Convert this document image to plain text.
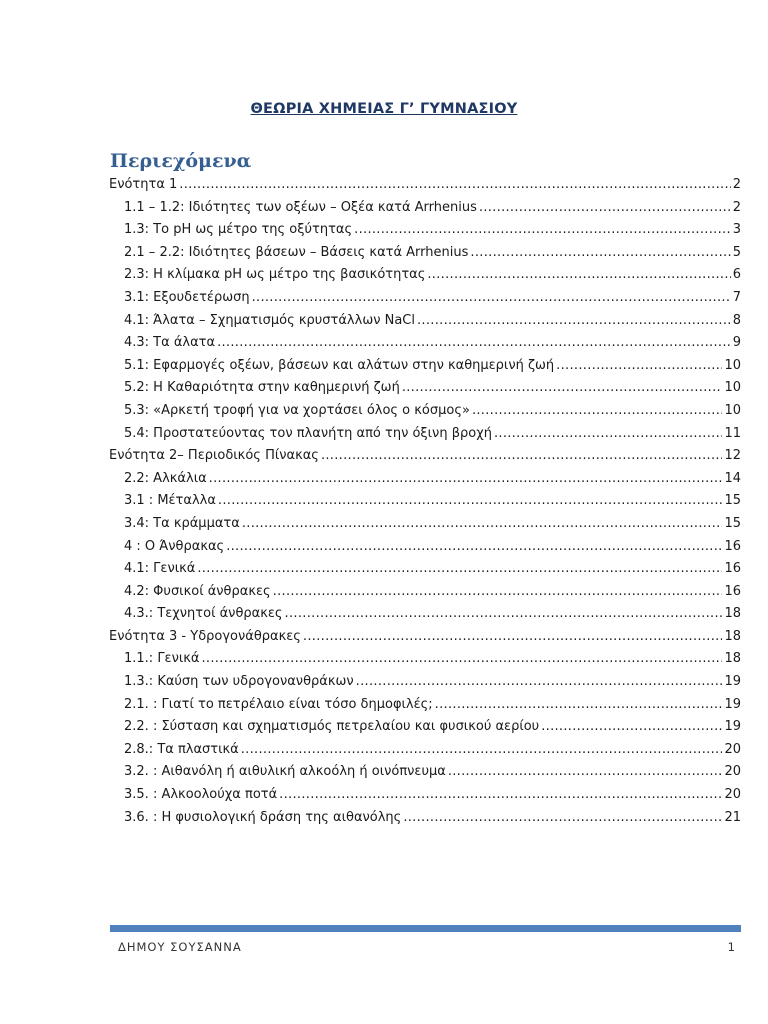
ΘΕΩΡΙΑ ΧΗΜΕΙΑΣ Γ’ ΓΥΜΝΑΣΙΟΥ
Περιεχόμενα
Ενότητα 1 .....	2
1.1 – 1.2: Ιδιότητες των οξέων – Οξέα κατά Arrhenius .....	2
1.3: Το pH ως μέτρο της οξύτητας .....	3
2.1 – 2.2: Ιδιότητες βάσεων – Βάσεις κατά Arrhenius .....	5
2.3: Η κλίμακα pH ως μέτρο της βασικότητας .....	6
3.1: Εξουδετέρωση .....	7
4.1: Άλατα – Σχηματισμός κρυστάλλων NaCl .....	8
4.3: Τα άλατα .....	9
5.1: Εφαρμογές οξέων, βάσεων και αλάτων στην καθημερινή ζωή .....	10
5.2: Η Καθαριότητα στην καθημερινή ζωή .....	10
5.3: «Αρκετή τροφή για να χορτάσει όλος ο κόσμος» .....	10
5.4: Προστατεύοντας τον πλανήτη από την όξινη βροχή .....	11
Ενότητα 2– Περιοδικός Πίνακας .....	12
2.2: Αλκάλια .....	14
3.1 : Μέταλλα .....	15
3.4: Τα κράμματα .....	15
4 : Ο Άνθρακας .....	16
4.1: Γενικά .....	16
4.2: Φυσικοί άνθρακες .....	16
4.3.: Τεχνητοί άνθρακες .....	18
Ενότητα 3 - Υδρογονάθρακες .....	18
1.1.: Γενικά .....	18
1.3.: Καύση των υδρογονανθράκων .....	19
2.1. : Γιατί το πετρέλαιο είναι τόσο δημοφιλές; .....	19
2.2. : Σύσταση και σχηματισμός πετρελαίου και φυσικού αερίου .....	19
2.8.: Τα πλαστικά .....	20
3.2. : Αιθανόλη ή αιθυλική αλκοόλη ή οινόπνευμα .....	20
3.5. : Αλκοολούχα ποτά .....	20
3.6. : Η φυσιολογική δράση της αιθανόλης .....	21
ΔΗΜΟΥ ΣΟΥΣΑΝΝΑ	1
